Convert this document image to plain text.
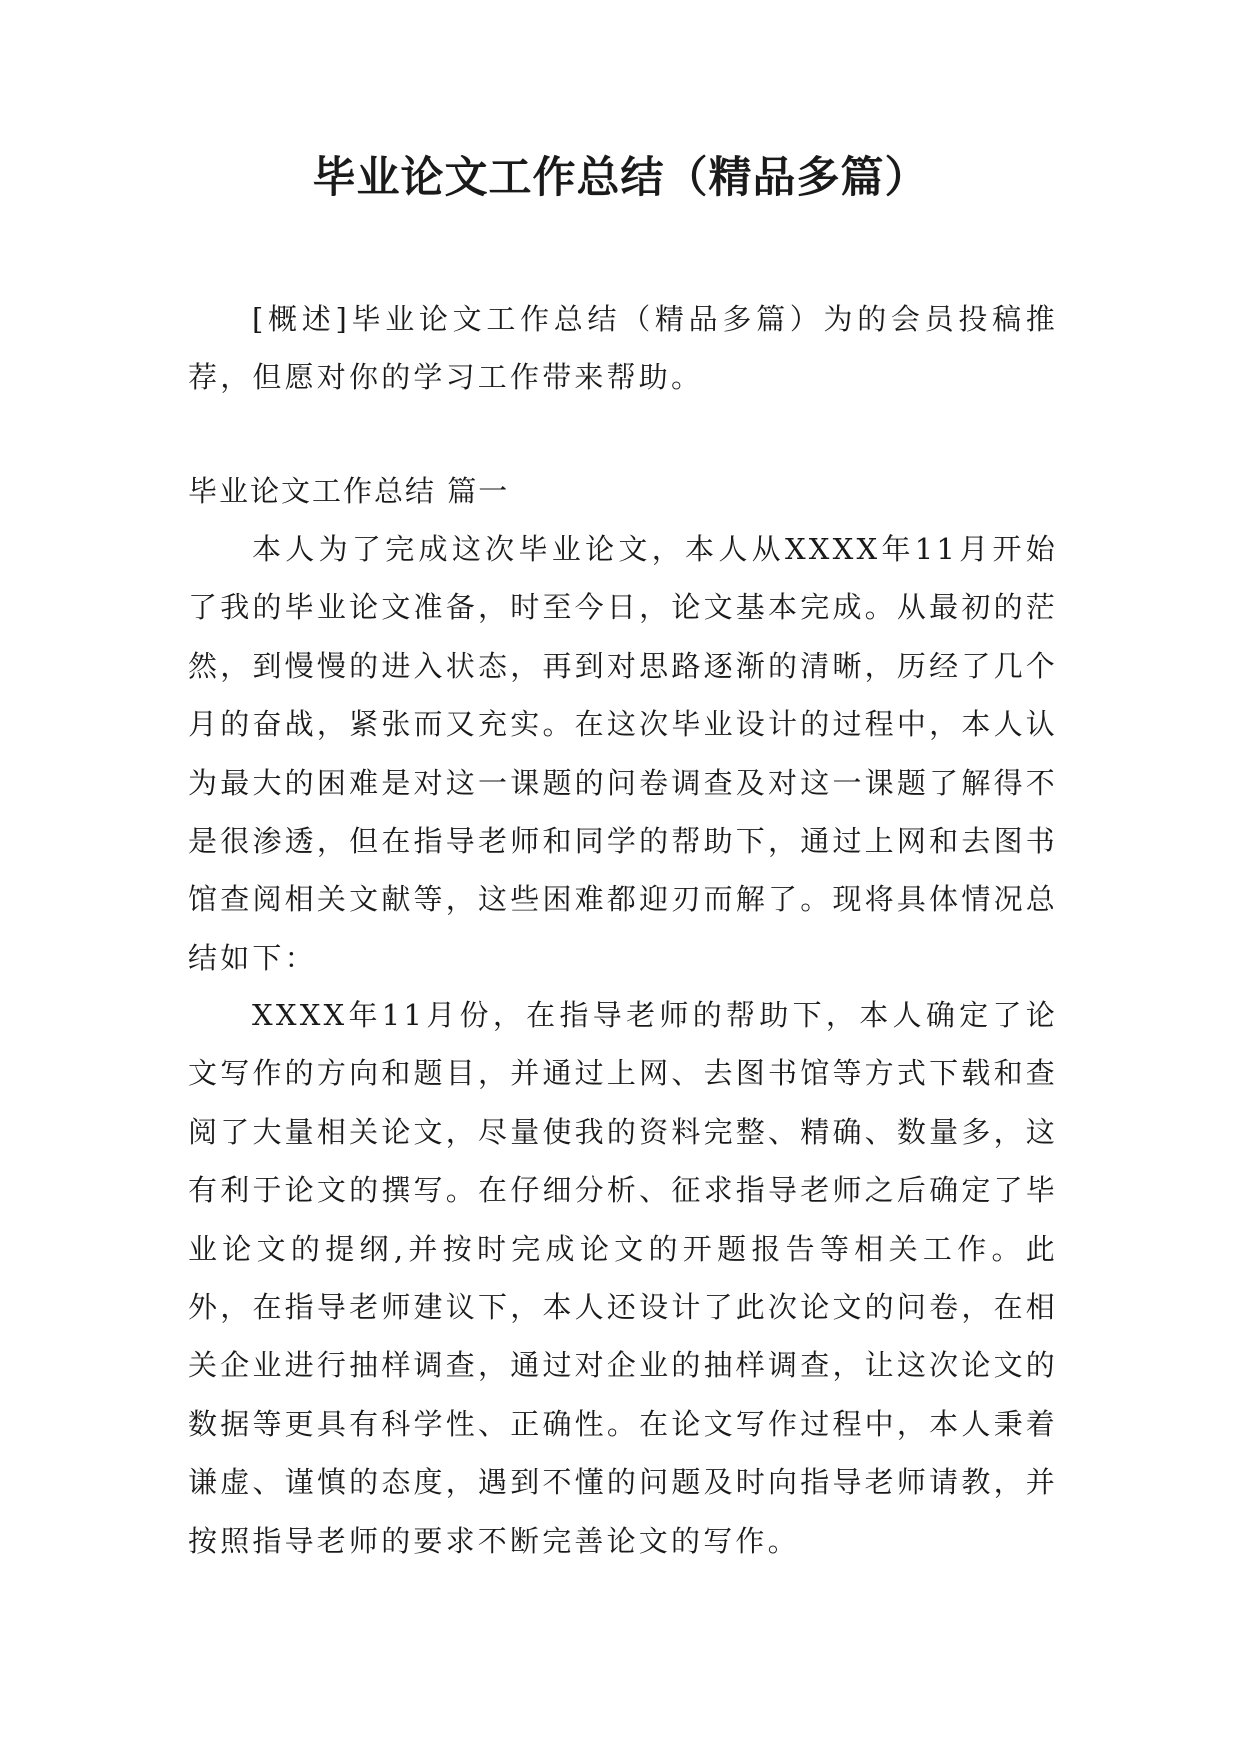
毕业论文工作总结（精品多篇）

[概述]毕业论文工作总结（精品多篇）为的会员投稿推荐，但愿对你的学习工作带来帮助。

毕业论文工作总结 篇一

本人为了完成这次毕业论文，本人从XXXX年11月开始了我的毕业论文准备，时至今日，论文基本完成。从最初的茫然，到慢慢的进入状态，再到对思路逐渐的清晰，历经了几个月的奋战，紧张而又充实。在这次毕业设计的过程中，本人认为最大的困难是对这一课题的问卷调查及对这一课题了解得不是很渗透，但在指导老师和同学的帮助下，通过上网和去图书馆查阅相关文献等，这些困难都迎刃而解了。现将具体情况总结如下：

XXXX年11月份，在指导老师的帮助下，本人确定了论文写作的方向和题目，并通过上网、去图书馆等方式下载和查阅了大量相关论文，尽量使我的资料完整、精确、数量多，这有利于论文的撰写。在仔细分析、征求指导老师之后确定了毕业论文的提纲,并按时完成论文的开题报告等相关工作。此外，在指导老师建议下，本人还设计了此次论文的问卷，在相关企业进行抽样调查，通过对企业的抽样调查，让这次论文的数据等更具有科学性、正确性。在论文写作过程中，本人秉着谦虚、谨慎的态度，遇到不懂的问题及时向指导老师请教，并按照指导老师的要求不断完善论文的写作。
